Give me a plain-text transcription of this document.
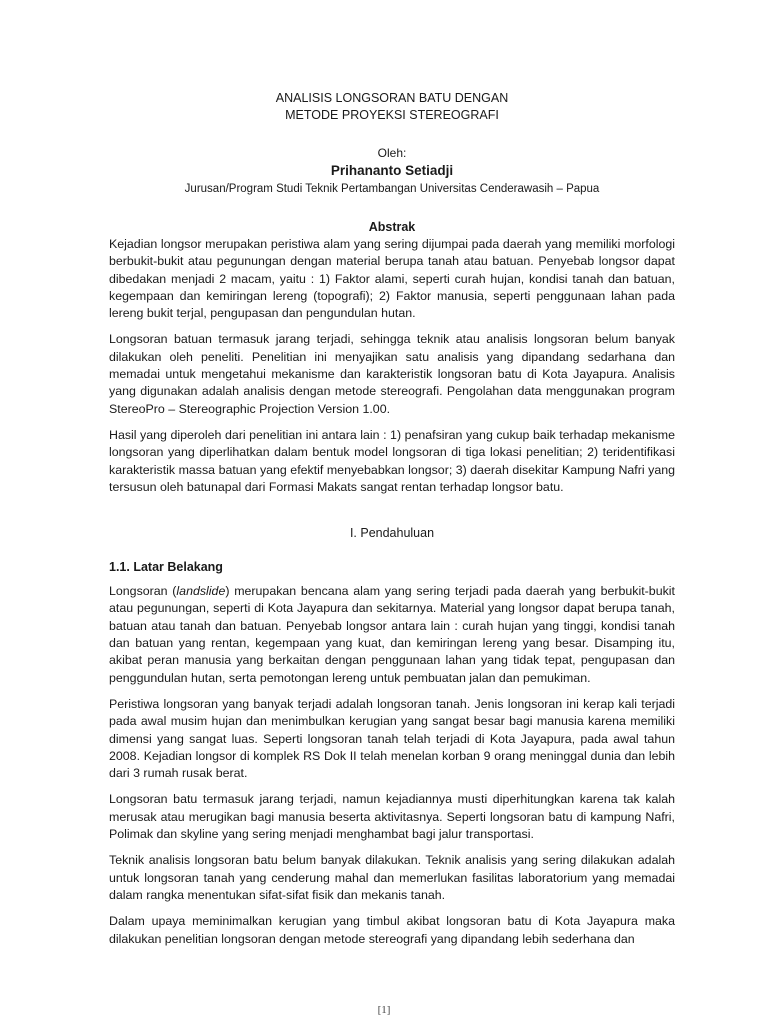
ANALISIS LONGSORAN BATU DENGAN
METODE PROYEKSI STEREOGRAFI
Oleh:
Prihananto Setiadji
Jurusan/Program Studi Teknik Pertambangan Universitas Cenderawasih – Papua
Abstrak

Kejadian longsor merupakan peristiwa alam yang sering dijumpai pada daerah yang memiliki morfologi berbukit-bukit atau pegunungan dengan material berupa tanah atau batuan. Penyebab longsor dapat dibedakan menjadi 2 macam, yaitu : 1) Faktor alami, seperti curah hujan, kondisi tanah dan batuan, kegempaan dan kemiringan lereng (topografi); 2) Faktor manusia, seperti penggunaan lahan pada lereng bukit terjal, pengupasan dan pengundulan hutan.

Longsoran batuan termasuk jarang terjadi, sehingga teknik atau analisis longsoran belum banyak dilakukan oleh peneliti. Penelitian ini menyajikan satu analisis yang dipandang sedarhana dan memadai untuk mengetahui mekanisme dan karakteristik longsoran batu di Kota Jayapura. Analisis yang digunakan adalah analisis dengan metode stereografi. Pengolahan data menggunakan program StereoPro – Stereographic Projection Version 1.00.

Hasil yang diperoleh dari penelitian ini antara lain : 1) penafsiran yang cukup baik terhadap mekanisme longsoran yang diperlihatkan dalam bentuk model longsoran di tiga lokasi penelitian; 2) teridentifikasi karakteristik massa batuan yang efektif menyebabkan longsor; 3) daerah disekitar Kampung Nafri yang tersusun oleh batunapal dari Formasi Makats sangat rentan terhadap longsor batu.

I. Pendahuluan
1.1. Latar Belakang

Longsoran (landslide) merupakan bencana alam yang sering terjadi pada daerah yang berbukit-bukit atau pegunungan, seperti di Kota Jayapura dan sekitarnya. Material yang longsor dapat berupa tanah, batuan atau tanah dan batuan. Penyebab longsor antara lain : curah hujan yang tinggi, kondisi tanah dan batuan yang rentan, kegempaan yang kuat, dan kemiringan lereng yang besar. Disamping itu, akibat peran manusia yang berkaitan dengan penggunaan lahan yang tidak tepat, pengupasan dan penggundulan hutan, serta pemotongan lereng untuk pembuatan jalan dan pemukiman.

Peristiwa longsoran yang banyak terjadi adalah longsoran tanah. Jenis longsoran ini kerap kali terjadi pada awal musim hujan dan menimbulkan kerugian yang sangat besar bagi manusia karena memiliki dimensi yang sangat luas. Seperti longsoran tanah telah terjadi di Kota Jayapura, pada awal tahun 2008. Kejadian longsor di komplek RS Dok II telah menelan korban 9 orang meninggal dunia dan lebih dari 3 rumah rusak berat.

Longsoran batu termasuk jarang terjadi, namun kejadiannya musti diperhitungkan karena tak kalah merusak atau merugikan bagi manusia beserta aktivitasnya. Seperti longsoran batu di kampung Nafri, Polimak dan skyline yang sering menjadi menghambat bagi jalur transportasi.

Teknik analisis longsoran batu belum banyak dilakukan. Teknik analisis yang sering dilakukan adalah untuk longsoran tanah yang cenderung mahal dan memerlukan fasilitas laboratorium yang memadai dalam rangka menentukan sifat-sifat fisik dan mekanis tanah.

Dalam upaya meminimalkan kerugian yang timbul akibat longsoran batu di Kota Jayapura maka dilakukan penelitian longsoran dengan metode stereografi yang dipandang lebih sederhana dan

[1]
